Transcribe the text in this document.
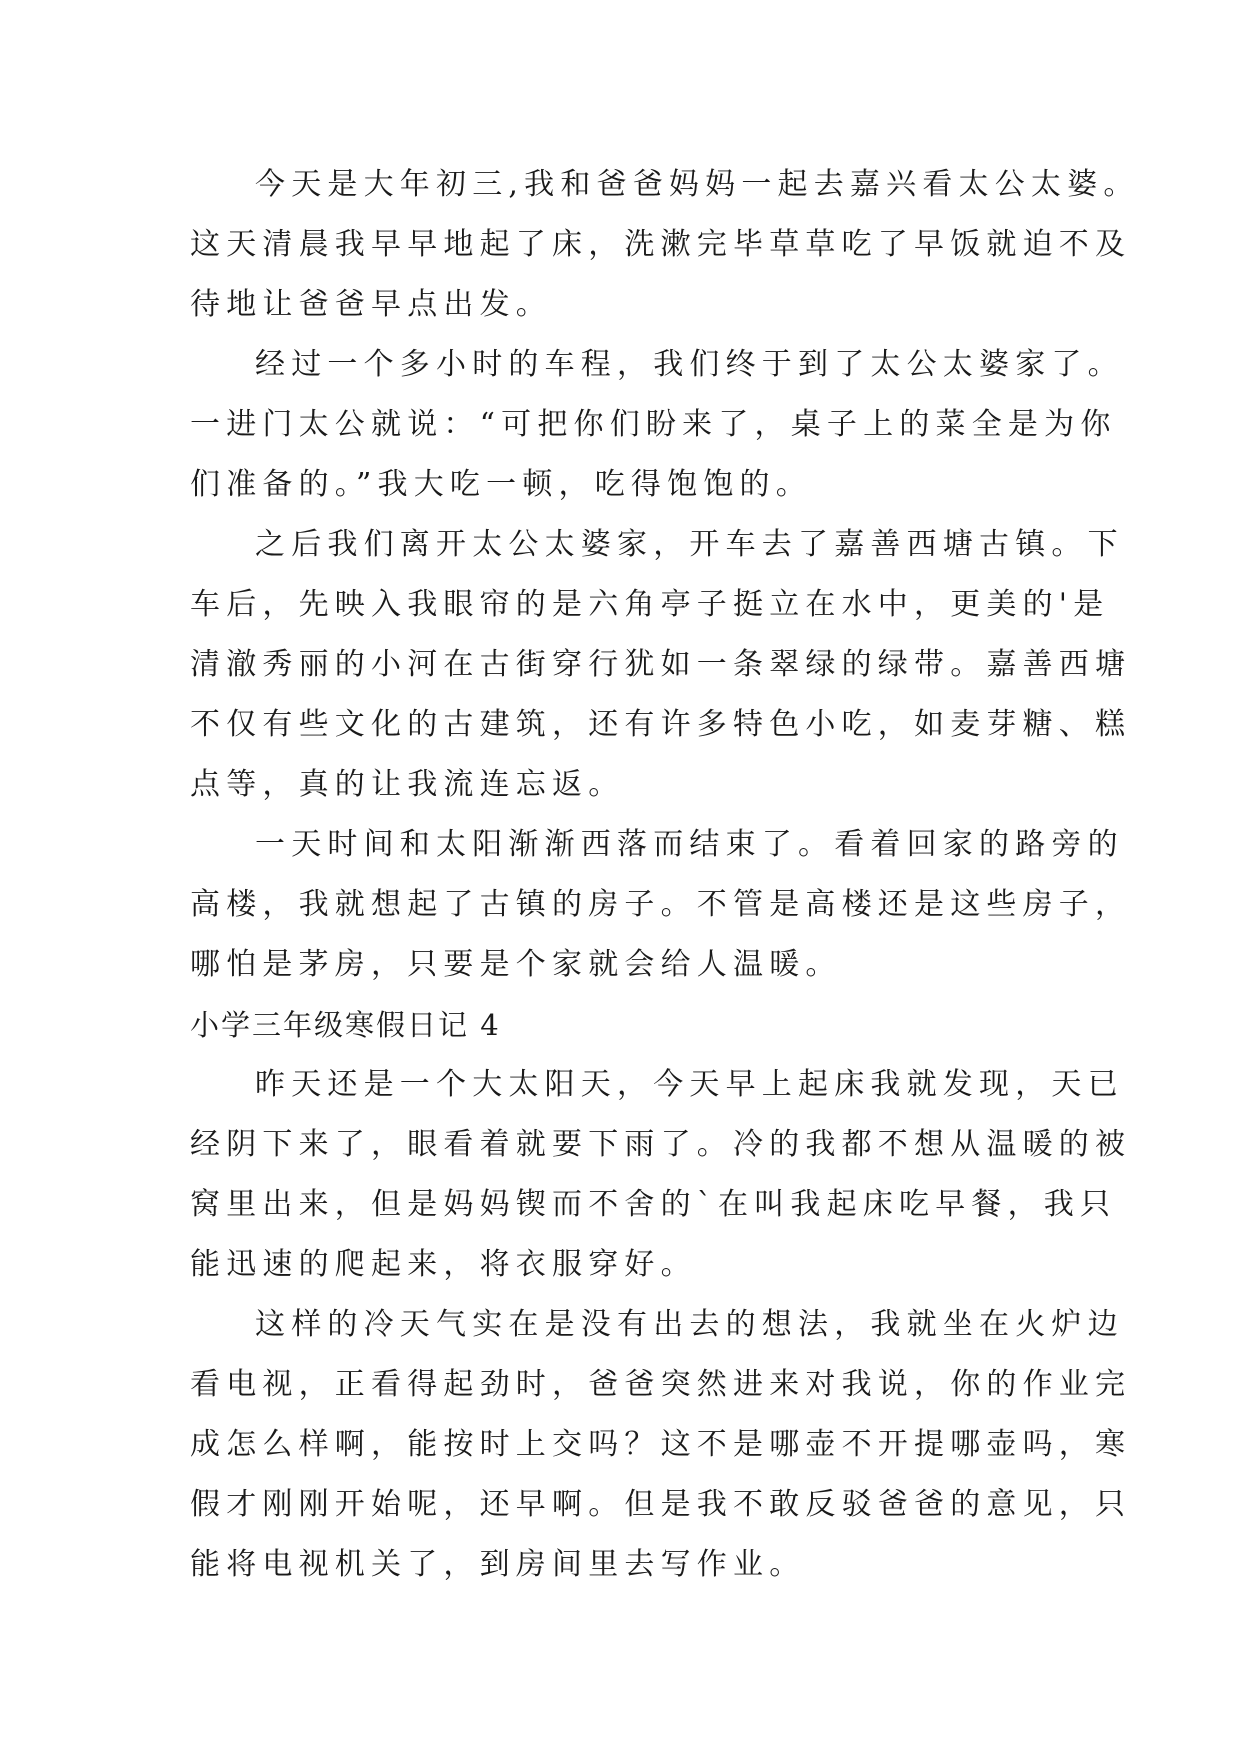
今天是大年初三,我和爸爸妈妈一起去嘉兴看太公太婆。
这天清晨我早早地起了床，洗漱完毕草草吃了早饭就迫不及
待地让爸爸早点出发。
经过一个多小时的车程，我们终于到了太公太婆家了。
一进门太公就说：“可把你们盼来了，桌子上的菜全是为你
们准备的。”我大吃一顿，吃得饱饱的。
之后我们离开太公太婆家，开车去了嘉善西塘古镇。下
车后，先映入我眼帘的是六角亭子挺立在水中，更美的'是
清澈秀丽的小河在古街穿行犹如一条翠绿的绿带。嘉善西塘
不仅有些文化的古建筑，还有许多特色小吃，如麦芽糖、糕
点等，真的让我流连忘返。
一天时间和太阳渐渐西落而结束了。看着回家的路旁的
高楼，我就想起了古镇的房子。不管是高楼还是这些房子，
哪怕是茅房，只要是个家就会给人温暖。
小学三年级寒假日记 4
昨天还是一个大太阳天，今天早上起床我就发现，天已
经阴下来了，眼看着就要下雨了。冷的我都不想从温暖的被
窝里出来，但是妈妈锲而不舍的`在叫我起床吃早餐，我只
能迅速的爬起来，将衣服穿好。
这样的冷天气实在是没有出去的想法，我就坐在火炉边
看电视，正看得起劲时，爸爸突然进来对我说，你的作业完
成怎么样啊，能按时上交吗？这不是哪壶不开提哪壶吗，寒
假才刚刚开始呢，还早啊。但是我不敢反驳爸爸的意见，只
能将电视机关了，到房间里去写作业。
